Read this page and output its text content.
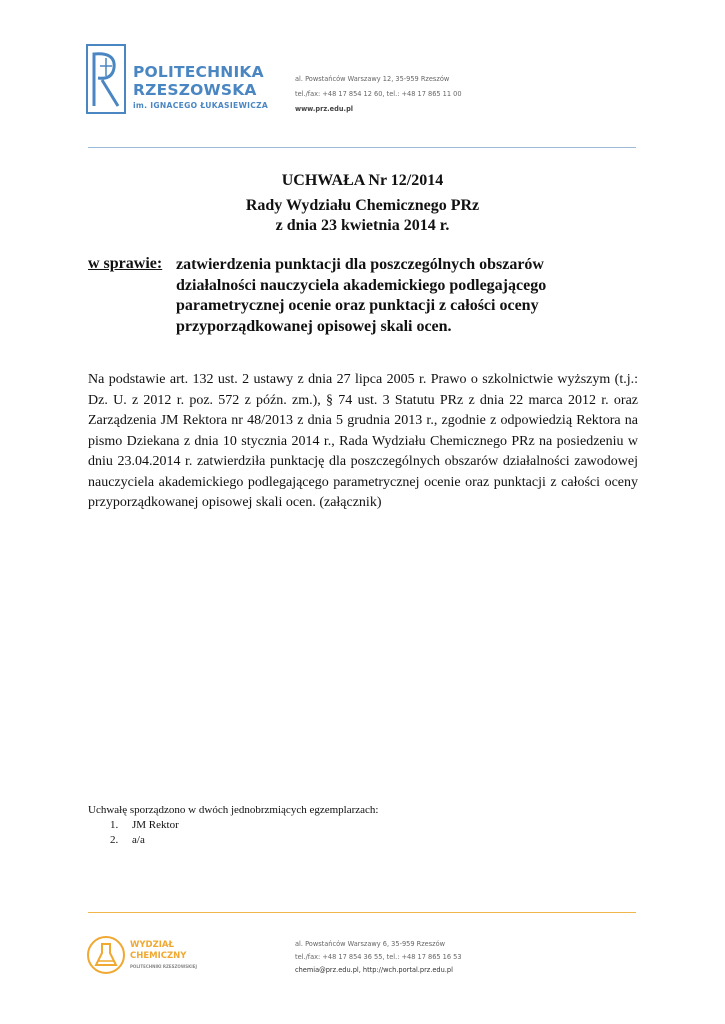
POLITECHNIKA
RZESZOWSKA
im. IGNACEGO ŁUKASIEWICZA
al. Powstańców Warszawy 12, 35-959 Rzeszów
tel./fax: +48 17 854 12 60, tel.: +48 17 865 11 00
www.prz.edu.pl
UCHWAŁA Nr 12/2014
Rady Wydziału Chemicznego PRz
z dnia 23 kwietnia 2014 r.
w sprawie: zatwierdzenia punktacji dla poszczególnych obszarów działalności nauczyciela akademickiego podlegającego parametrycznej ocenie oraz punktacji z całości oceny przyporządkowanej opisowej skali ocen.
Na podstawie art. 132 ust. 2 ustawy z dnia 27 lipca 2005 r. Prawo o szkolnictwie wyższym (t.j.: Dz. U. z 2012 r. poz. 572 z późn. zm.), § 74 ust. 3 Statutu PRz z dnia 22 marca 2012 r. oraz Zarządzenia JM Rektora nr 48/2013 z dnia 5 grudnia 2013 r., zgodnie z odpowiedzią Rektora na pismo Dziekana z dnia 10 stycznia 2014 r., Rada Wydziału Chemicznego PRz na posiedzeniu w dniu 23.04.2014 r. zatwierdziła punktację dla poszczególnych obszarów działalności zawodowej nauczyciela akademickiego podlegającego parametrycznej ocenie oraz punktacji z całości oceny przyporządkowanej opisowej skali ocen. (załącznik)
Uchwałę sporządzono w dwóch jednobrzmiących egzemplarzach:
1. JM Rektor
2. a/a
WYDZIAŁ
CHEMICZNY
POLITECHNIKI RZESZOWSKIEJ
al. Powstańców Warszawy 6, 35-959 Rzeszów
tel./fax: +48 17 854 36 55, tel.: +48 17 865 16 53
chemia@prz.edu.pl, http://wch.portal.prz.edu.pl
